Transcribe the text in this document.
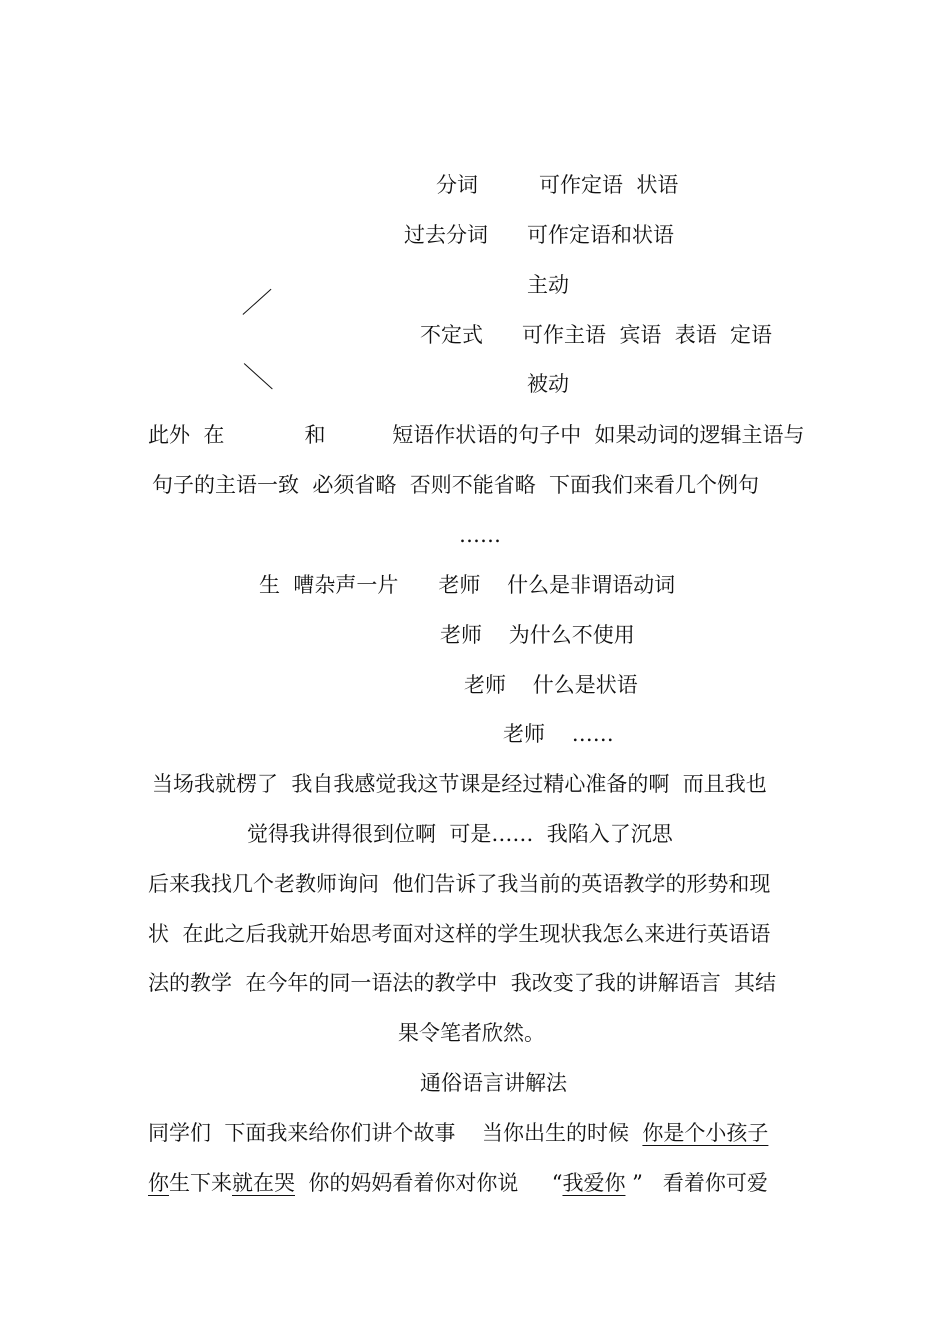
分词	可作定语  状语
过去分词 可作定语和状语
主动
不定式 可作主语  宾语  表语  定语
被动
此外  在            和          短语作状语的句子中  如果动词的逻辑主语与
句子的主语一致  必须省略  否则不能省略  下面我们来看几个例句
……
生  嘈杂声一片      老师    什么是非谓语动词
老师    为什么不使用
老师    什么是状语
老师    ……
当场我就楞了  我自我感觉我这节课是经过精心准备的啊  而且我也
觉得我讲得很到位啊  可是……  我陷入了沉思
后来我找几个老教师询问  他们告诉了我当前的英语教学的形势和现
状  在此之后我就开始思考面对这样的学生现状我怎么来进行英语语
法的教学  在今年的同一语法的教学中  我改变了我的讲解语言  其结
果令笔者欣然。
通俗语言讲解法
同学们  下面我来给你们讲个故事    当你出生的时候  你是个小孩子
你生下来就在哭  你的妈妈看着你对你说     “我爱你 ”   看着你可爱
